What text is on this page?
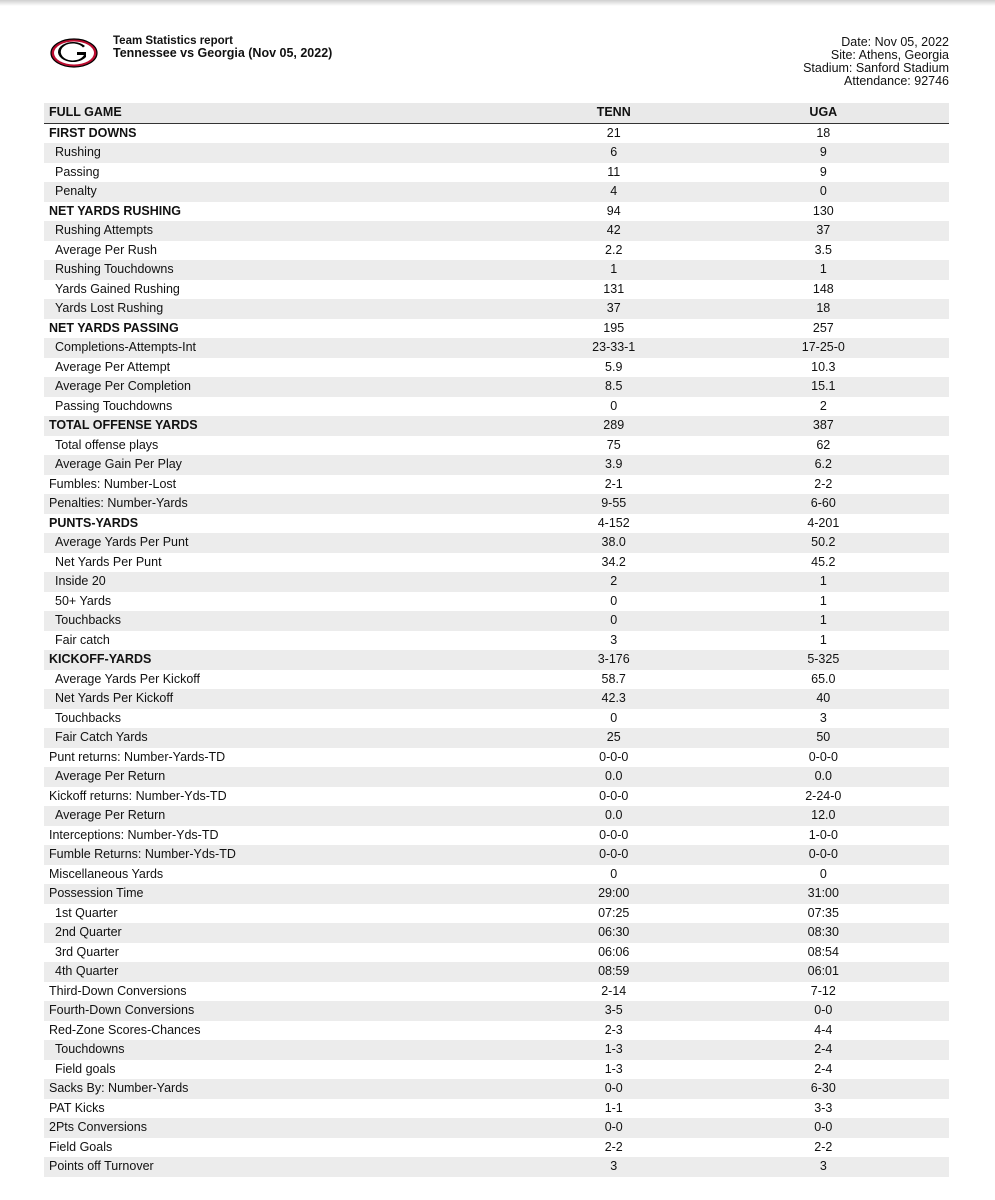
Team Statistics report
Tennessee vs Georgia (Nov 05, 2022)
Date: Nov 05, 2022
Site: Athens, Georgia
Stadium: Sanford Stadium
Attendance: 92746
FULL GAME	TENN	UGA
FIRST DOWNS	21	18
Rushing	6	9
Passing	11	9
Penalty	4	0
NET YARDS RUSHING	94	130
Rushing Attempts	42	37
Average Per Rush	2.2	3.5
Rushing Touchdowns	1	1
Yards Gained Rushing	131	148
Yards Lost Rushing	37	18
NET YARDS PASSING	195	257
Completions-Attempts-Int	23-33-1	17-25-0
Average Per Attempt	5.9	10.3
Average Per Completion	8.5	15.1
Passing Touchdowns	0	2
TOTAL OFFENSE YARDS	289	387
Total offense plays	75	62
Average Gain Per Play	3.9	6.2
Fumbles: Number-Lost	2-1	2-2
Penalties: Number-Yards	9-55	6-60
PUNTS-YARDS	4-152	4-201
Average Yards Per Punt	38.0	50.2
Net Yards Per Punt	34.2	45.2
Inside 20	2	1
50+ Yards	0	1
Touchbacks	0	1
Fair catch	3	1
KICKOFF-YARDS	3-176	5-325
Average Yards Per Kickoff	58.7	65.0
Net Yards Per Kickoff	42.3	40
Touchbacks	0	3
Fair Catch Yards	25	50
Punt returns: Number-Yards-TD	0-0-0	0-0-0
Average Per Return	0.0	0.0
Kickoff returns: Number-Yds-TD	0-0-0	2-24-0
Average Per Return	0.0	12.0
Interceptions: Number-Yds-TD	0-0-0	1-0-0
Fumble Returns: Number-Yds-TD	0-0-0	0-0-0
Miscellaneous Yards	0	0
Possession Time	29:00	31:00
1st Quarter	07:25	07:35
2nd Quarter	06:30	08:30
3rd Quarter	06:06	08:54
4th Quarter	08:59	06:01
Third-Down Conversions	2-14	7-12
Fourth-Down Conversions	3-5	0-0
Red-Zone Scores-Chances	2-3	4-4
Touchdowns	1-3	2-4
Field goals	1-3	2-4
Sacks By: Number-Yards	0-0	6-30
PAT Kicks	1-1	3-3
2Pts Conversions	0-0	0-0
Field Goals	2-2	2-2
Points off Turnover	3	3
